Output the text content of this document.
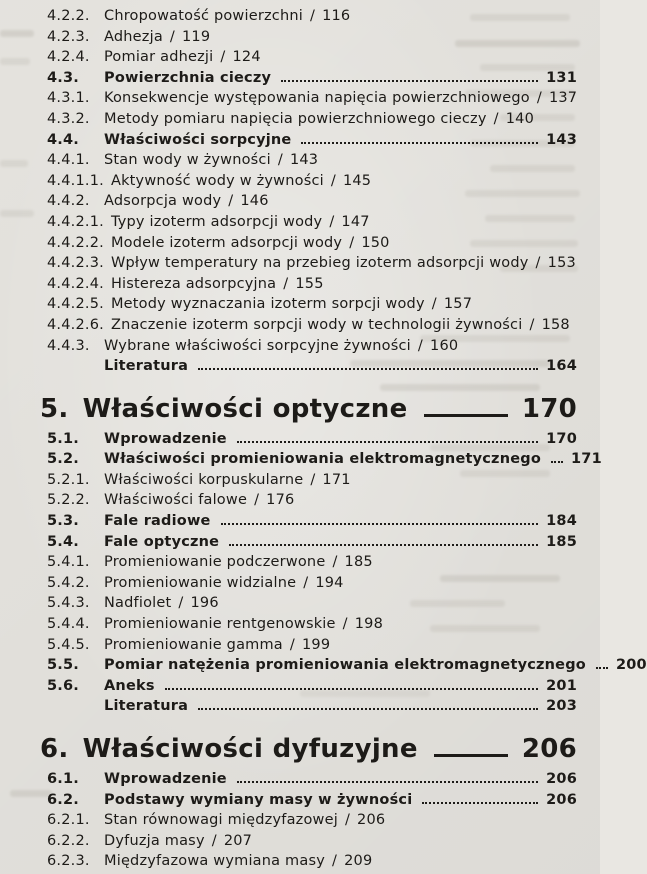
4.2.2. Chropowatość powierzchni / 116
4.2.3. Adhezja / 119
4.2.4. Pomiar adhezji / 124
4.3.	Powierzchnia cieczy	131
4.3.1. Konsekwencje występowania napięcia powierzchniowego / 137
4.3.2. Metody pomiaru napięcia powierzchniowego cieczy / 140
4.4.	Właściwości sorpcyjne	143
4.4.1. Stan wody w żywności / 143
4.4.1.1. Aktywność wody w żywności / 145
4.4.2. Adsorpcja wody / 146
4.4.2.1. Typy izoterm adsorpcji wody / 147
4.4.2.2. Modele izoterm adsorpcji wody / 150
4.4.2.3. Wpływ temperatury na przebieg izoterm adsorpcji wody / 153
4.4.2.4. Histereza adsorpcyjna / 155
4.4.2.5. Metody wyznaczania izoterm sorpcji wody / 157
4.4.2.6. Znaczenie izoterm sorpcji wody w technologii żywności / 158
4.4.3. Wybrane właściwości sorpcyjne żywności / 160
Literatura	164
5. Właściwości optyczne	170
5.1.	Wprowadzenie	170
5.2.	Właściwości promieniowania elektromagnetycznego 171
5.2.1. Właściwości korpuskularne / 171
5.2.2. Właściwości falowe / 176
5.3.	Fale radiowe	184
5.4.	Fale optyczne	185
5.4.1. Promieniowanie podczerwone / 185
5.4.2. Promieniowanie widzialne / 194
5.4.3. Nadfiolet / 196
5.4.4. Promieniowanie rentgenowskie / 198
5.4.5. Promieniowanie gamma / 199
5.5.	Pomiar natężenia promieniowania elektromagnetycznego 200
5.6.	Aneks	201
Literatura	203
6. Właściwości dyfuzyjne	206
6.1.	Wprowadzenie	206
6.2.	Podstawy wymiany masy w żywności	206
6.2.1. Stan równowagi międzyfazowej / 206
6.2.2. Dyfuzja masy / 207
6.2.3. Międzyfazowa wymiana masy / 209
